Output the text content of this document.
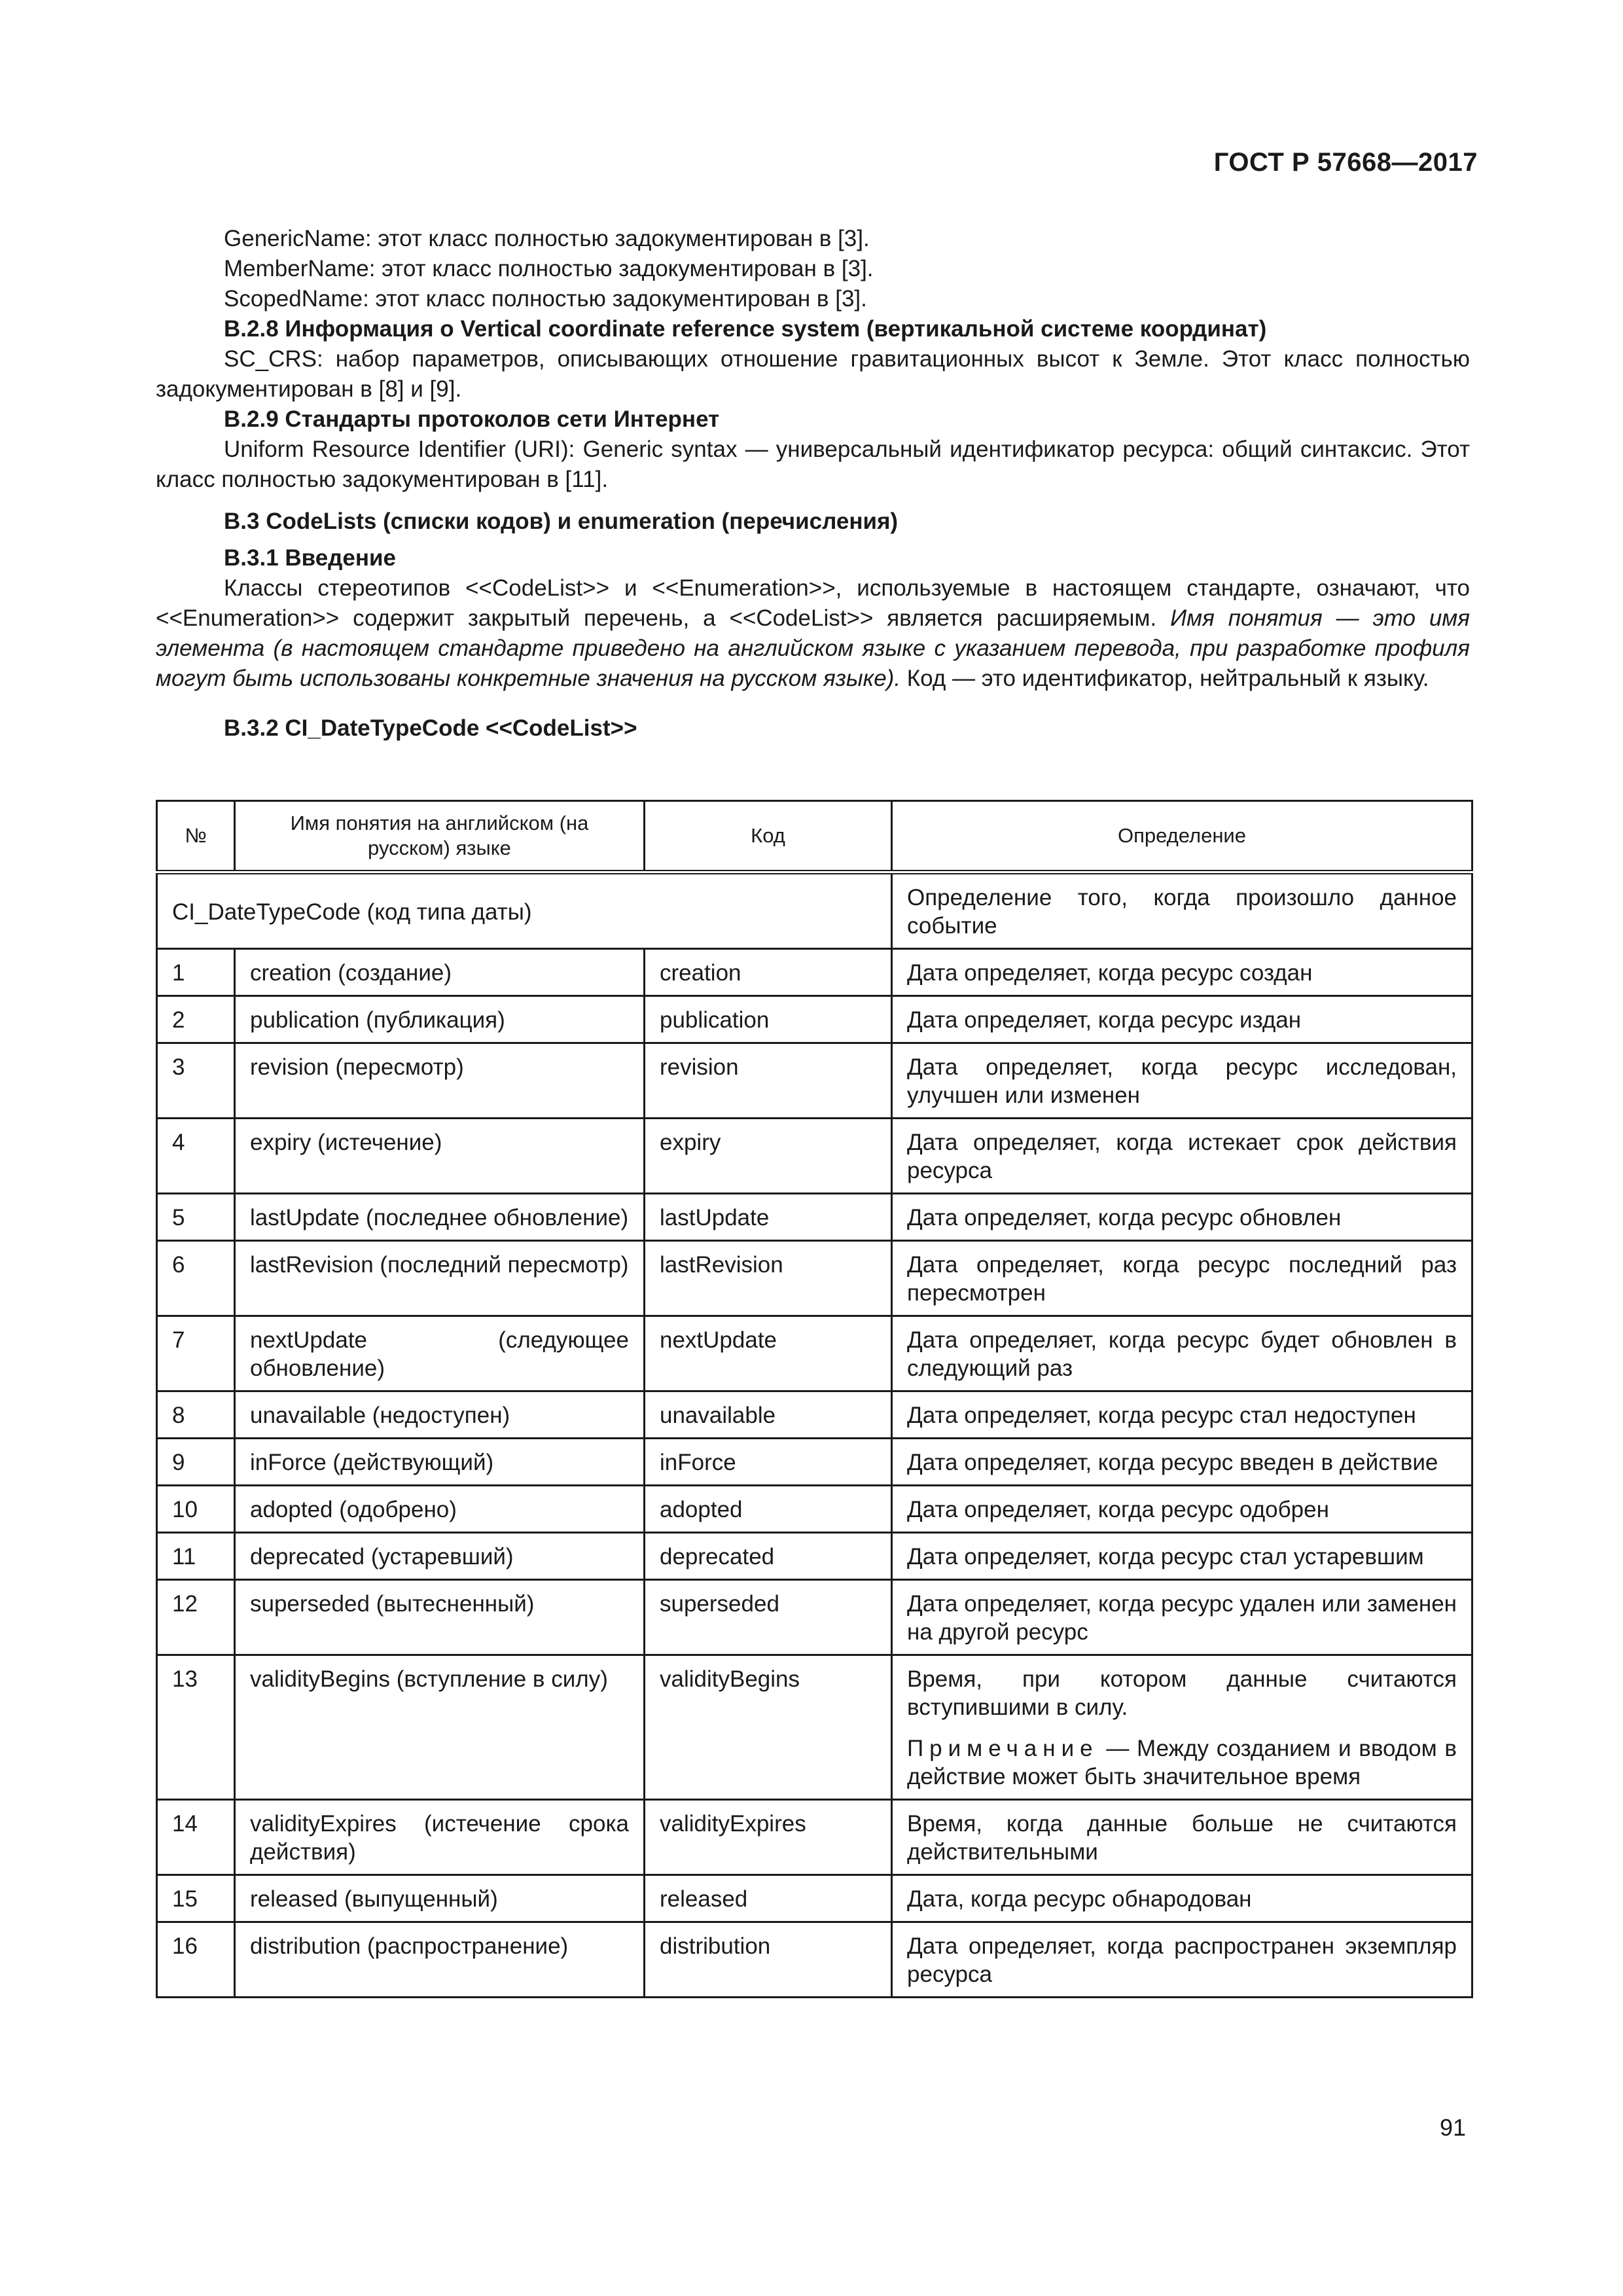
ГОСТ Р 57668—2017

GenericName: этот класс полностью задокументирован в [3].

MemberName: этот класс полностью задокументирован в [3].

ScopedName: этот класс полностью задокументирован в [3].

В.2.8 Информация о Vertical coordinate reference system (вертикальной системе координат)

SC_CRS: набор параметров, описывающих отношение гравитационных высот к Земле. Этот класс полностью задокументирован в [8] и [9].

В.2.9 Стандарты протоколов сети Интернет

Uniform Resource Identifier (URI): Generic syntax — универсальный идентификатор ресурса: общий синтаксис. Этот класс полностью задокументирован в [11].

В.3 CodeLists (списки кодов) и enumeration (перечисления)

В.3.1 Введение

Классы стереотипов <<CodeList>> и <<Enumeration>>, используемые в настоящем стандарте, означают, что <<Enumeration>> содержит закрытый перечень, а <<CodeList>> является расширяемым. Имя понятия — это имя элемента (в настоящем стандарте приведено на английском языке с указанием перевода, при разработке профиля могут быть использованы конкретные значения на русском языке). Код — это идентификатор, нейтральный к языку.

В.3.2 CI_DateTypeCode <<CodeList>>

№	Имя понятия на английском (на русском) языке	Код	Определение
CI_DateTypeCode (код типа даты)			Определение того, когда произошло данное событие
1	creation (создание)	creation	Дата определяет, когда ресурс создан
2	publication (публикация)	publication	Дата определяет, когда ресурс издан
3	revision (пересмотр)	revision	Дата определяет, когда ресурс исследован, улучшен или изменен
4	expiry (истечение)	expiry	Дата определяет, когда истекает срок действия ресурса
5	lastUpdate (последнее обновление)	lastUpdate	Дата определяет, когда ресурс обновлен
6	lastRevision (последний пересмотр)	lastRevision	Дата определяет, когда ресурс последний раз пересмотрен
7	nextUpdate (следующее обновление)	nextUpdate	Дата определяет, когда ресурс будет обновлен в следующий раз
8	unavailable (недоступен)	unavailable	Дата определяет, когда ресурс стал недоступен
9	inForce (действующий)	inForce	Дата определяет, когда ресурс введен в действие
10	adopted (одобрено)	adopted	Дата определяет, когда ресурс одобрен
11	deprecated (устаревший)	deprecated	Дата определяет, когда ресурс стал устаревшим
12	superseded (вытесненный)	superseded	Дата определяет, когда ресурс удален или заменен на другой ресурс
13	validityBegins (вступление в силу)	validityBegins	Время, при котором данные считаются вступившими в силу.
Примечание — Между созданием и вводом в действие может быть значительное время

14	validityExpires (истечение срока действия)	validityExpires	Время, когда данные больше не считаются действительными
15	released (выпущенный)	released	Дата, когда ресурс обнародован
16	distribution (распространение)	distribution	Дата определяет, когда распространен экземпляр ресурса
91
